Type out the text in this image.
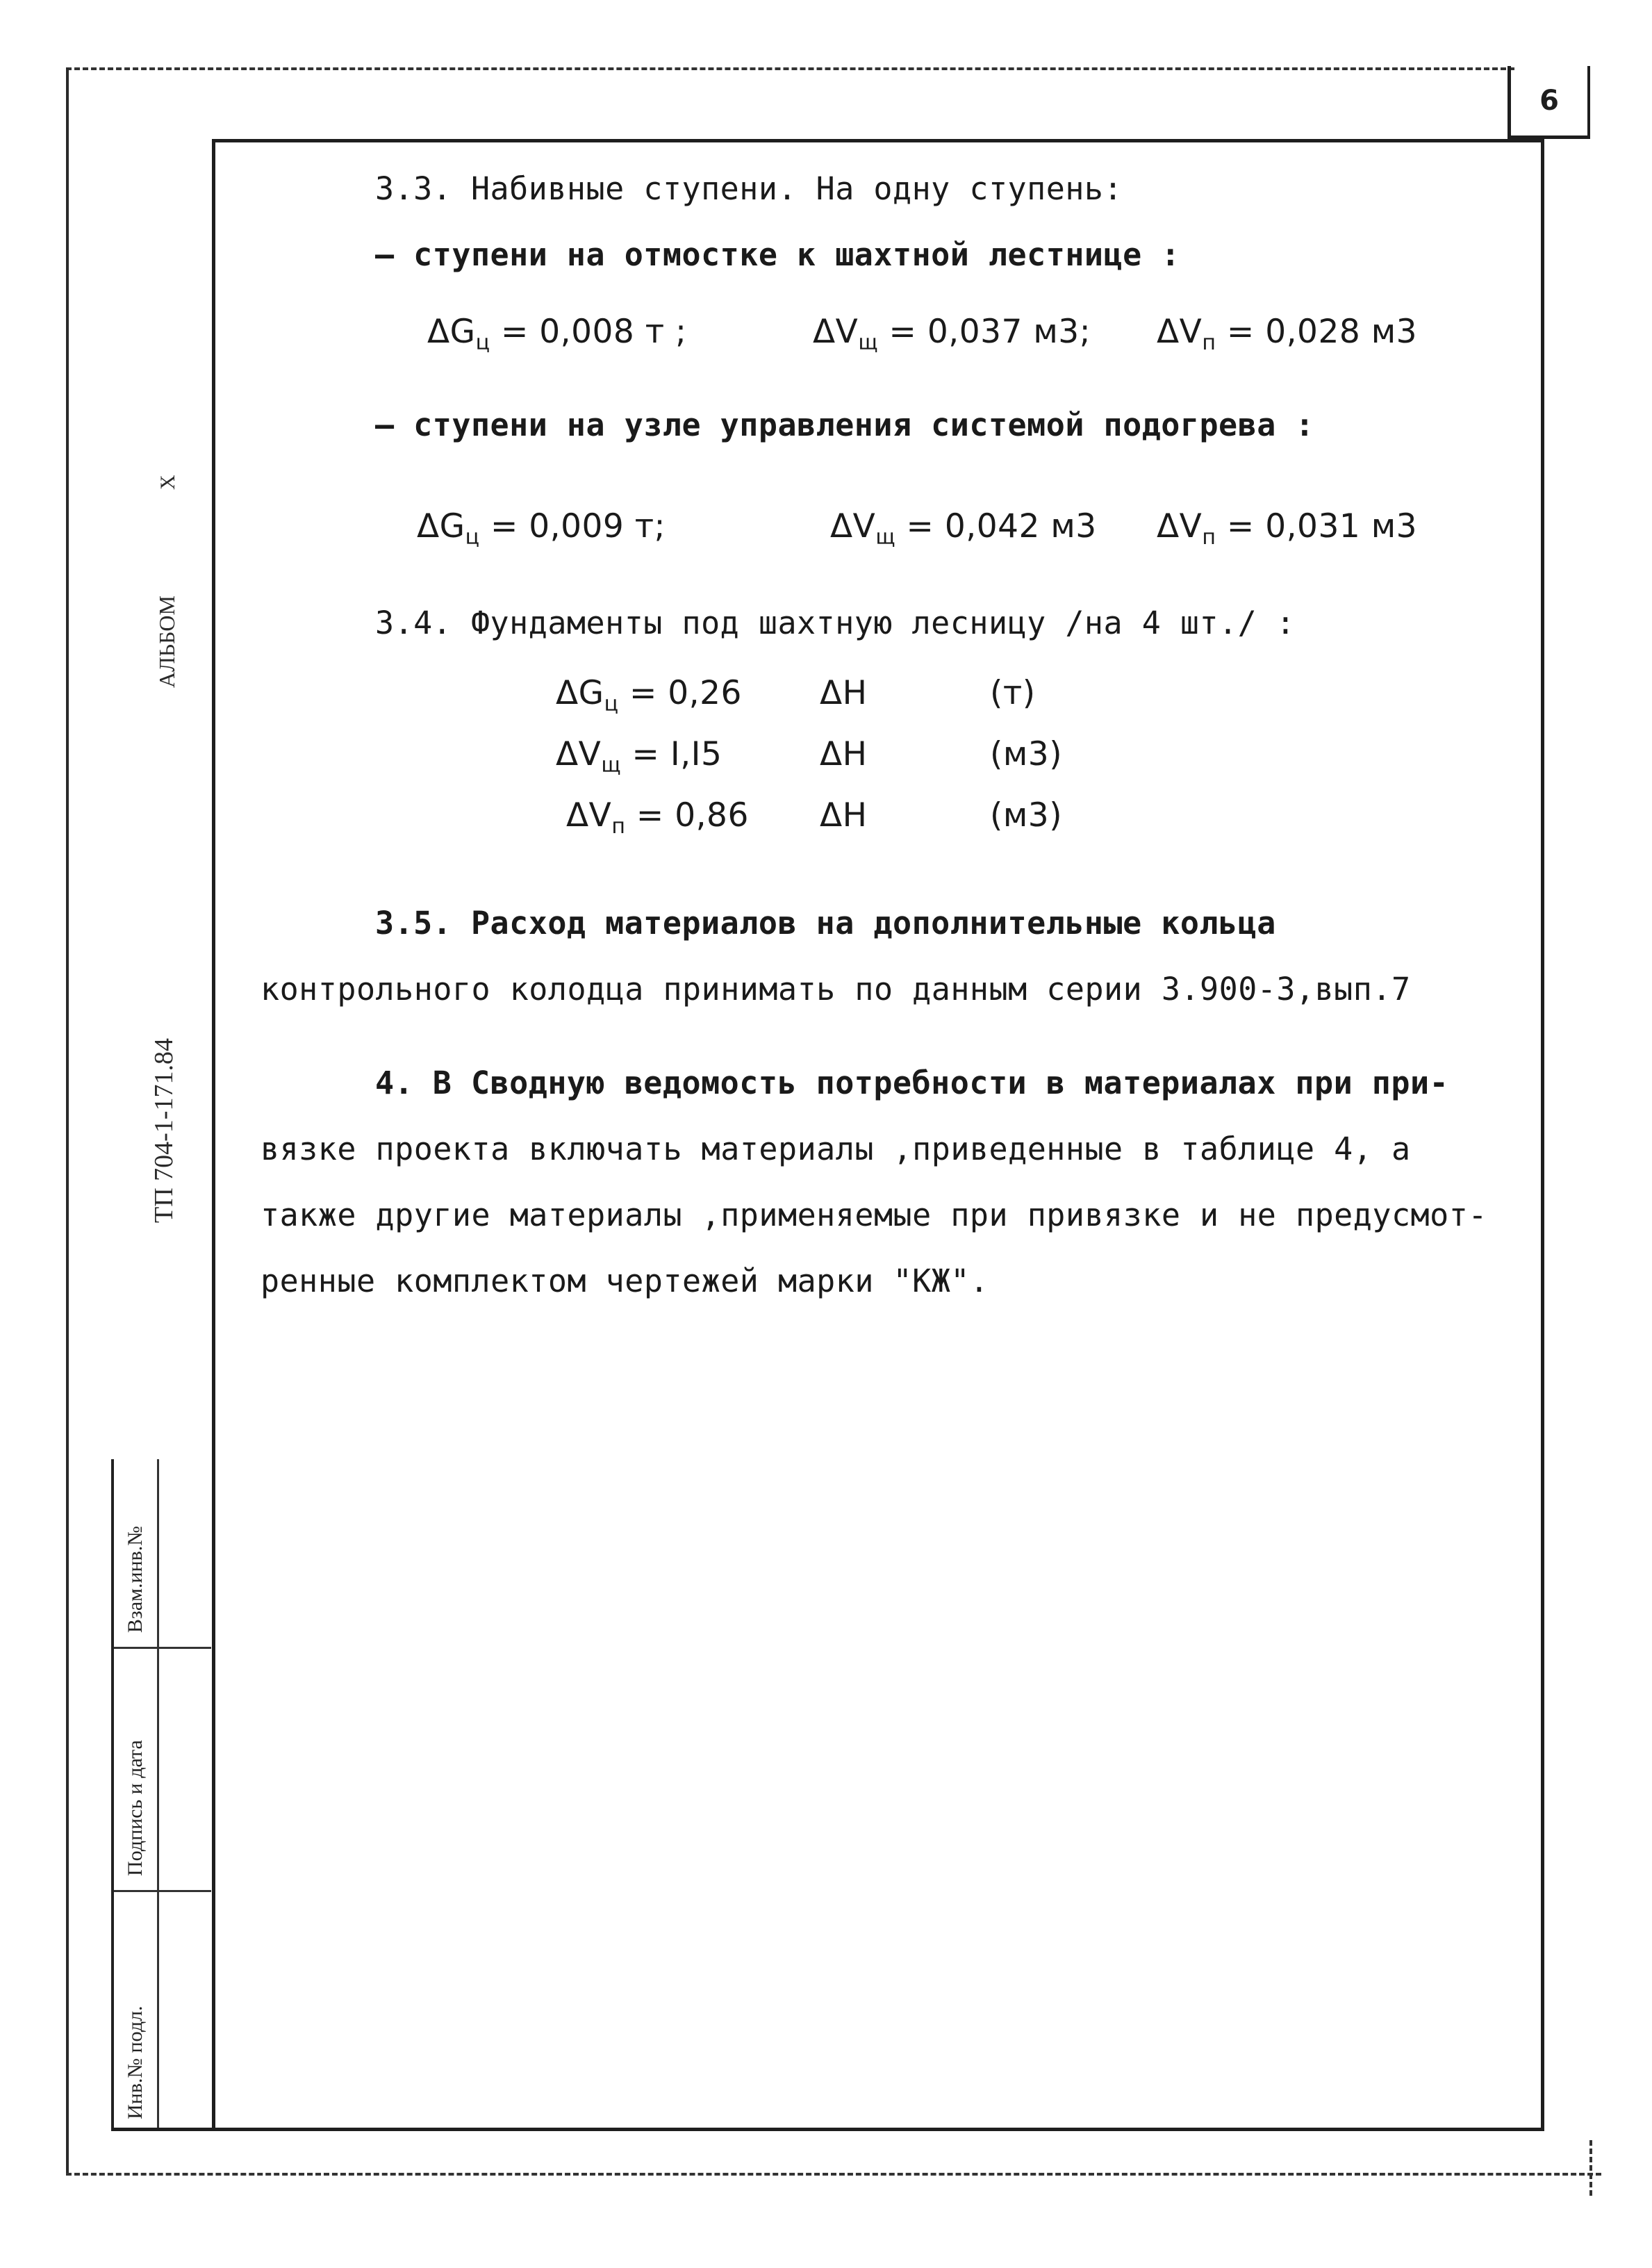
6
X
АЛЬБОМ
ТП 704-1-171.84
Взам.инв.№
Подпись и дата
Инв.№ подл.
3.3. Набивные ступени. На одну ступень:
– ступени на отмостке к шахтной лестнице :
$\Delta G_ц = 0,008$ т ;	$\Delta V_щ = 0,037$ м3; $\Delta V_п = 0,028$ м3
– ступени на узле управления системой подогрева :
$\Delta G_ц = 0,009$ т;	$\Delta V_щ = 0,042$ м3 $\Delta V_п = 0,031$ м3
3.4. Фундаменты под шахтную лесницу /на 4 шт./ :
$\Delta G_ц = 0,26$ ΔH	(т)
$\Delta V_щ = I,I5$	ΔH	(м3)
$\Delta V_п = 0,86$ ΔH	(м3)
3.5. Расход материалов на дополнительные кольца
контрольного колодца принимать по данным серии 3.900-3,вып.7
4. В Сводную ведомость потребности в материалах при при-
вязке проекта включать материалы ,приведенные в таблице 4, а
также другие материалы ,применяемые при привязке и не предусмот-
ренные комплектом чертежей марки "КЖ".
